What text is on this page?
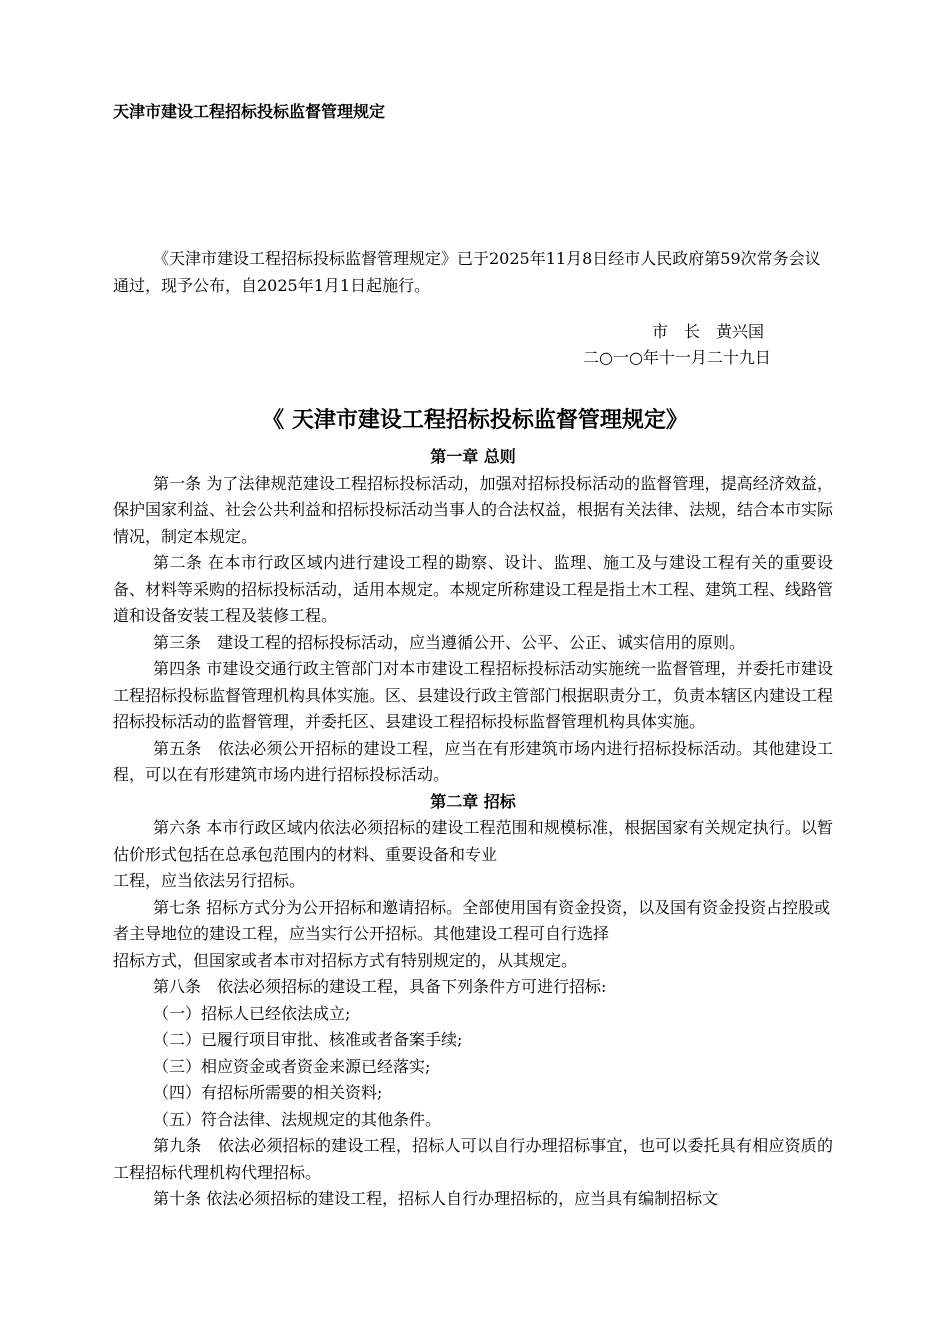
天津市建设工程招标投标监督管理规定

《天津市建设工程招标投标监督管理规定》已于2025年11月8日经市人民政府第59次常务会议通过，现予公布，自2025年1月1日起施行。

市　长　黄兴国
二○一○年十一月二十九日
《 天津市建设工程招标投标监督管理规定》

第一章 总则

第一条 为了法律规范建设工程招标投标活动，加强对招标投标活动的监督管理，提高经济效益，保护国家利益、社会公共利益和招标投标活动当事人的合法权益，根据有关法律、法规，结合本市实际情况，制定本规定。

第二条 在本市行政区域内进行建设工程的勘察、设计、监理、施工及与建设工程有关的重要设备、材料等采购的招标投标活动，适用本规定。本规定所称建设工程是指土木工程、建筑工程、线路管道和设备安装工程及装修工程。

第三条　建设工程的招标投标活动，应当遵循公开、公平、公正、诚实信用的原则。

第四条 市建设交通行政主管部门对本市建设工程招标投标活动实施统一监督管理，并委托市建设工程招标投标监督管理机构具体实施。区、县建设行政主管部门根据职责分工，负责本辖区内建设工程招标投标活动的监督管理，并委托区、县建设工程招标投标监督管理机构具体实施。

第五条　依法必须公开招标的建设工程，应当在有形建筑市场内进行招标投标活动。其他建设工程，可以在有形建筑市场内进行招标投标活动。

第二章 招标

第六条 本市行政区域内依法必须招标的建设工程范围和规模标准，根据国家有关规定执行。以暂估价形式包括在总承包范围内的材料、重要设备和专业

工程，应当依法另行招标。

第七条 招标方式分为公开招标和邀请招标。全部使用国有资金投资，以及国有资金投资占控股或者主导地位的建设工程，应当实行公开招标。其他建设工程可自行选择

招标方式，但国家或者本市对招标方式有特别规定的，从其规定。

第八条　依法必须招标的建设工程，具备下列条件方可进行招标:

（一）招标人已经依法成立;

（二）已履行项目审批、核准或者备案手续;

（三）相应资金或者资金来源已经落实;

（四）有招标所需要的相关资料;

（五）符合法律、法规规定的其他条件。

第九条　依法必须招标的建设工程，招标人可以自行办理招标事宜，也可以委托具有相应资质的工程招标代理机构代理招标。

第十条 依法必须招标的建设工程，招标人自行办理招标的，应当具有编制招标文
